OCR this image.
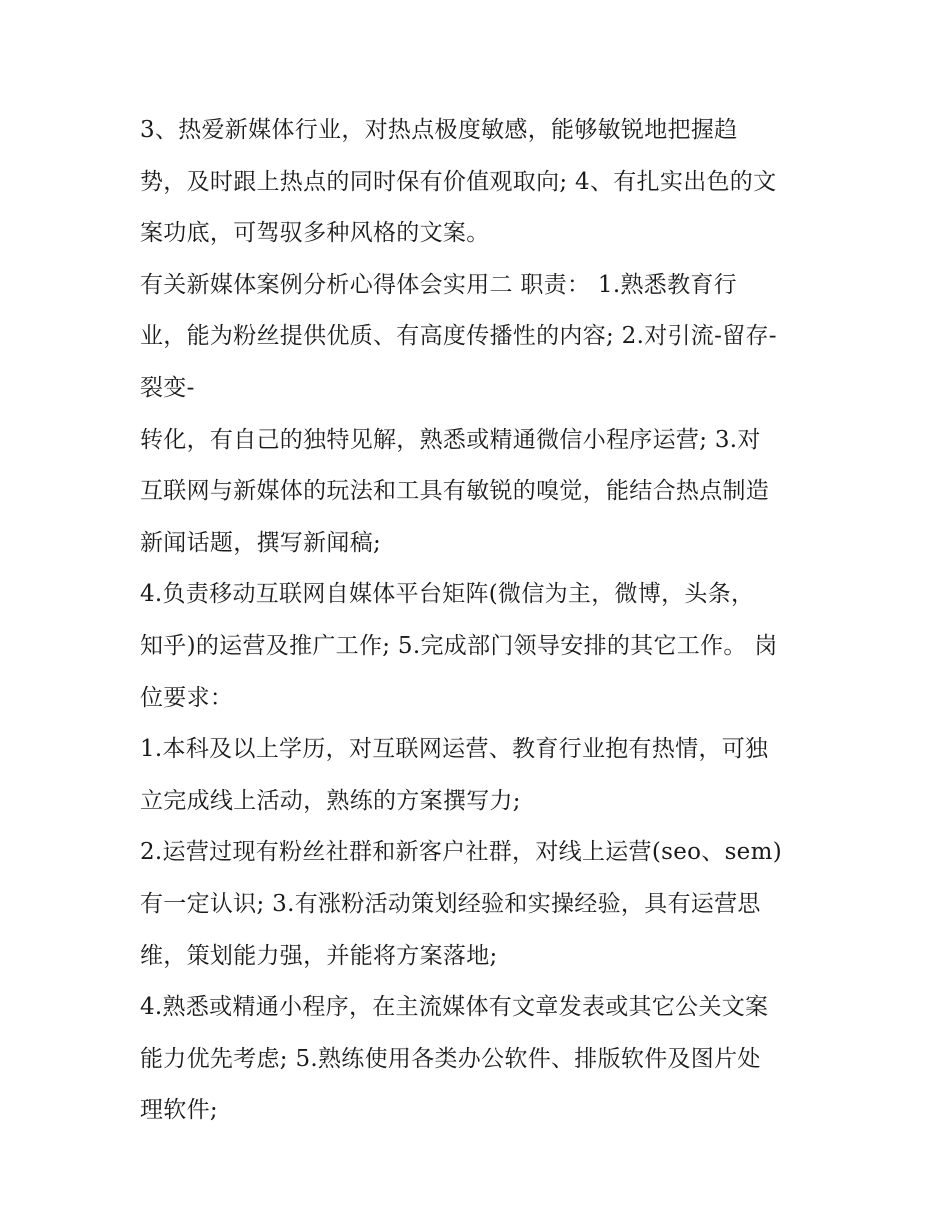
3、热爱新媒体行业，对热点极度敏感，能够敏锐地把握趋
势，及时跟上热点的同时保有价值观取向; 4、有扎实出色的文
案功底，可驾驭多种风格的文案。
有关新媒体案例分析心得体会实用二 职责： 1.熟悉教育行
业，能为粉丝提供优质、有高度传播性的内容; 2.对引流-留存-
裂变-
转化，有自己的独特见解，熟悉或精通微信小程序运营; 3.对
互联网与新媒体的玩法和工具有敏锐的嗅觉，能结合热点制造
新闻话题，撰写新闻稿;
4.负责移动互联网自媒体平台矩阵(微信为主，微博，头条，
知乎)的运营及推广工作; 5.完成部门领导安排的其它工作。 岗
位要求：
1.本科及以上学历，对互联网运营、教育行业抱有热情，可独
立完成线上活动，熟练的方案撰写力;
2.运营过现有粉丝社群和新客户社群，对线上运营(seo、sem)
有一定认识; 3.有涨粉活动策划经验和实操经验，具有运营思
维，策划能力强，并能将方案落地;
4.熟悉或精通小程序，在主流媒体有文章发表或其它公关文案
能力优先考虑; 5.熟练使用各类办公软件、排版软件及图片处
理软件;
